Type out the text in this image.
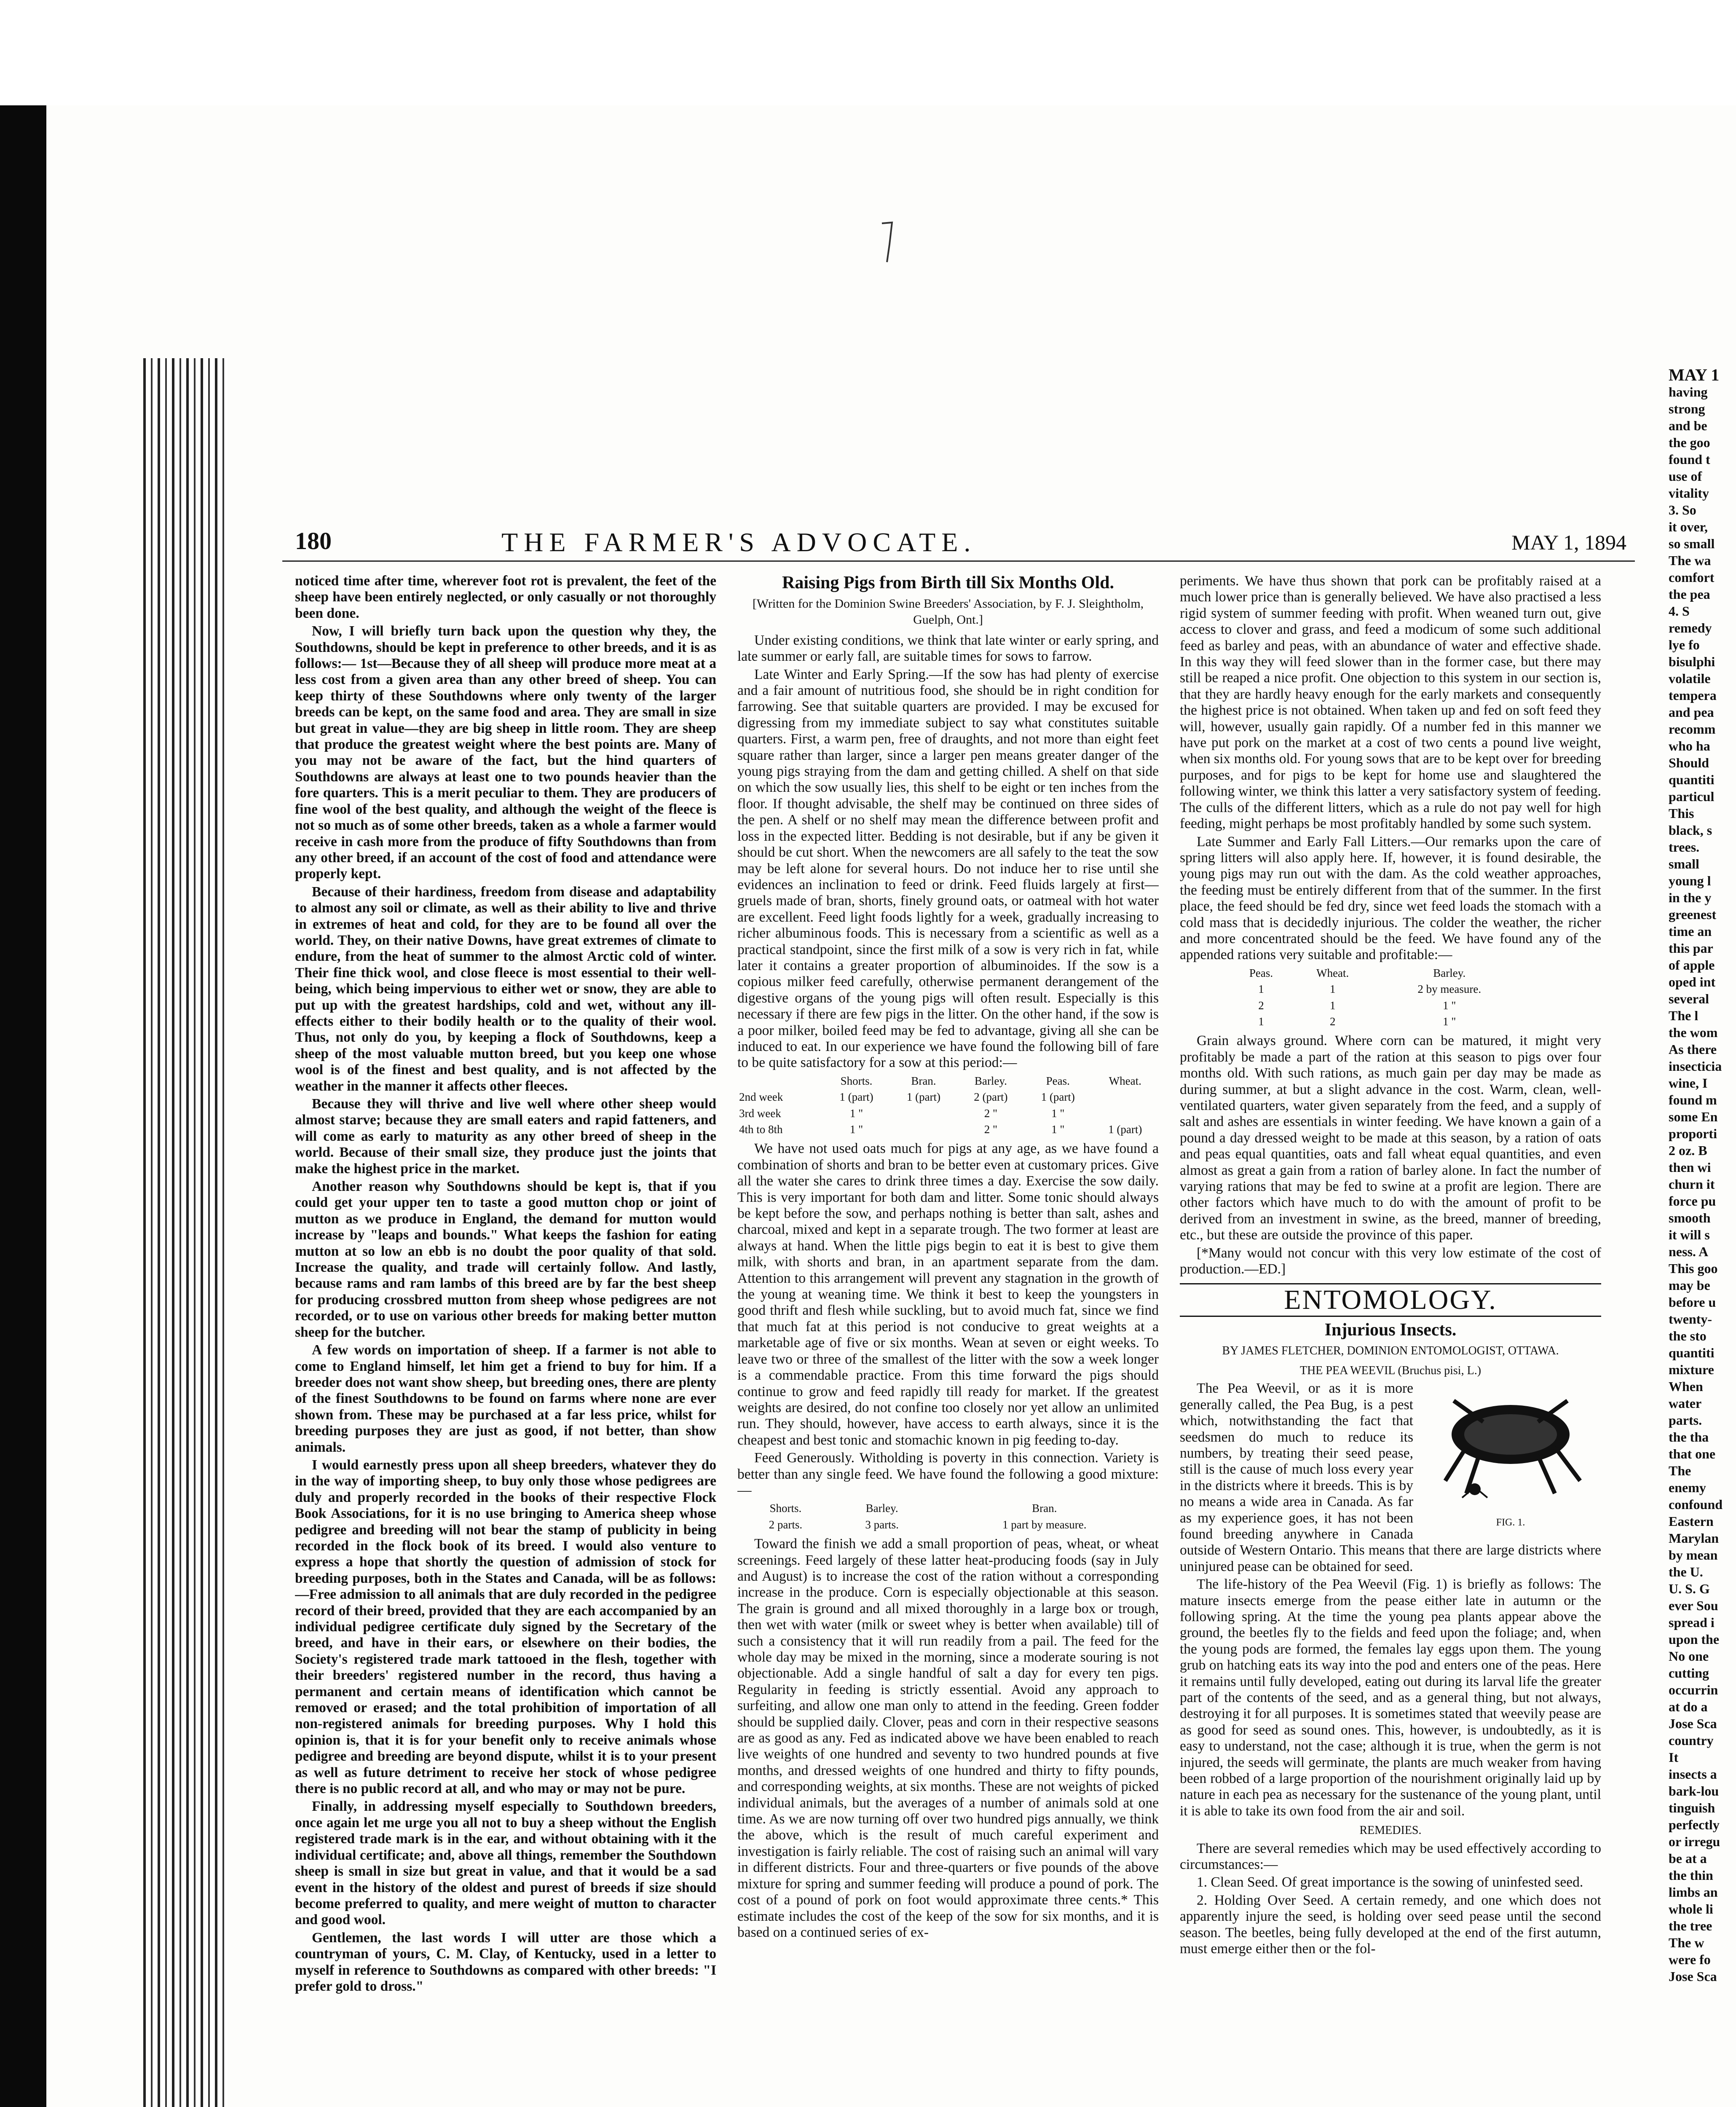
180	THE FARMER'S ADVOCATE.	MAY 1, 1894

noticed time after time, wherever foot rot is prevalent, the feet of the sheep have been entirely neglected, or only casually or not thoroughly been done.

Now, I will briefly turn back upon the question why they, the Southdowns, should be kept in preference to other breeds, and it is as follows:— 1st—Because they of all sheep will produce more meat at a less cost from a given area than any other breed of sheep. You can keep thirty of these Southdowns where only twenty of the larger breeds can be kept, on the same food and area. They are small in size but great in value—they are big sheep in little room. They are sheep that produce the greatest weight where the best points are. Many of you may not be aware of the fact, but the hind quarters of Southdowns are always at least one to two pounds heavier than the fore quarters. This is a merit peculiar to them. They are producers of fine wool of the best quality, and although the weight of the fleece is not so much as of some other breeds, taken as a whole a farmer would receive in cash more from the produce of fifty Southdowns than from any other breed, if an account of the cost of food and attendance were properly kept.

Because of their hardiness, freedom from disease and adaptability to almost any soil or climate, as well as their ability to live and thrive in extremes of heat and cold, for they are to be found all over the world. They, on their native Downs, have great extremes of climate to endure, from the heat of summer to the almost Arctic cold of winter. Their fine thick wool, and close fleece is most essential to their well-being, which being impervious to either wet or snow, they are able to put up with the greatest hardships, cold and wet, without any ill-effects either to their bodily health or to the quality of their wool. Thus, not only do you, by keeping a flock of Southdowns, keep a sheep of the most valuable mutton breed, but you keep one whose wool is of the finest and best quality, and is not affected by the weather in the manner it affects other fleeces.

Because they will thrive and live well where other sheep would almost starve; because they are small eaters and rapid fatteners, and will come as early to maturity as any other breed of sheep in the world. Because of their small size, they produce just the joints that make the highest price in the market.

Another reason why Southdowns should be kept is, that if you could get your upper ten to taste a good mutton chop or joint of mutton as we produce in England, the demand for mutton would increase by "leaps and bounds." What keeps the fashion for eating mutton at so low an ebb is no doubt the poor quality of that sold. Increase the quality, and trade will certainly follow. And lastly, because rams and ram lambs of this breed are by far the best sheep for producing crossbred mutton from sheep whose pedigrees are not recorded, or to use on various other breeds for making better mutton sheep for the butcher.

A few words on importation of sheep. If a farmer is not able to come to England himself, let him get a friend to buy for him. If a breeder does not want show sheep, but breeding ones, there are plenty of the finest Southdowns to be found on farms where none are ever shown from. These may be purchased at a far less price, whilst for breeding purposes they are just as good, if not better, than show animals.

I would earnestly press upon all sheep breeders, whatever they do in the way of importing sheep, to buy only those whose pedigrees are duly and properly recorded in the books of their respective Flock Book Associations, for it is no use bringing to America sheep whose pedigree and breeding will not bear the stamp of publicity in being recorded in the flock book of its breed. I would also venture to express a hope that shortly the question of admission of stock for breeding purposes, both in the States and Canada, will be as follows:—Free admission to all animals that are duly recorded in the pedigree record of their breed, provided that they are each accompanied by an individual pedigree certificate duly signed by the Secretary of the breed, and have in their ears, or elsewhere on their bodies, the Society's registered trade mark tattooed in the flesh, together with their breeders' registered number in the record, thus having a permanent and certain means of identification which cannot be removed or erased; and the total prohibition of importation of all non-registered animals for breeding purposes. Why I hold this opinion is, that it is for your benefit only to receive animals whose pedigree and breeding are beyond dispute, whilst it is to your present as well as future detriment to receive her stock of whose pedigree there is no public record at all, and who may or may not be pure.

Finally, in addressing myself especially to Southdown breeders, once again let me urge you all not to buy a sheep without the English registered trade mark is in the ear, and without obtaining with it the individual certificate; and, above all things, remember the Southdown sheep is small in size but great in value, and that it would be a sad event in the history of the oldest and purest of breeds if size should become preferred to quality, and mere weight of mutton to character and good wool.

Gentlemen, the last words I will utter are those which a countryman of yours, C. M. Clay, of Kentucky, used in a letter to myself in reference to Southdowns as compared with other breeds: "I prefer gold to dross."

Raising Pigs from Birth till Six Months Old.
[Written for the Dominion Swine Breeders' Association, by F. J. Sleightholm, Guelph, Ont.]

Under existing conditions, we think that late winter or early spring, and late summer or early fall, are suitable times for sows to farrow.

Late Winter and Early Spring.—If the sow has had plenty of exercise and a fair amount of nutritious food, she should be in right condition for farrowing. See that suitable quarters are provided. I may be excused for digressing from my immediate subject to say what constitutes suitable quarters. First, a warm pen, free of draughts, and not more than eight feet square rather than larger, since a larger pen means greater danger of the young pigs straying from the dam and getting chilled. A shelf on that side on which the sow usually lies, this shelf to be eight or ten inches from the floor. If thought advisable, the shelf may be continued on three sides of the pen. A shelf or no shelf may mean the difference between profit and loss in the expected litter. Bedding is not desirable, but if any be given it should be cut short. When the newcomers are all safely to the teat the sow may be left alone for several hours. Do not induce her to rise until she evidences an inclination to feed or drink. Feed fluids largely at first—gruels made of bran, shorts, finely ground oats, or oatmeal with hot water are excellent. Feed light foods lightly for a week, gradually increasing to richer albuminous foods. This is necessary from a scientific as well as a practical standpoint, since the first milk of a sow is very rich in fat, while later it contains a greater proportion of albuminoides. If the sow is a copious milker feed carefully, otherwise permanent derangement of the digestive organs of the young pigs will often result. Especially is this necessary if there are few pigs in the litter. On the other hand, if the sow is a poor milker, boiled feed may be fed to advantage, giving all she can be induced to eat. In our experience we have found the following bill of fare to be quite satisfactory for a sow at this period:—

	Shorts.	Bran.	Barley.	Peas.	Wheat.
2nd week	1 (part)	1 (part)	2 (part)	1 (part)	
3rd week	1 "		2 "	1 "	
4th to 8th	1 "		2 "	1 "	1 (part)

We have not used oats much for pigs at any age, as we have found a combination of shorts and bran to be better even at customary prices. Give all the water she cares to drink three times a day. Exercise the sow daily. This is very important for both dam and litter. Some tonic should always be kept before the sow, and perhaps nothing is better than salt, ashes and charcoal, mixed and kept in a separate trough. The two former at least are always at hand. When the little pigs begin to eat it is best to give them milk, with shorts and bran, in an apartment separate from the dam. Attention to this arrangement will prevent any stagnation in the growth of the young at weaning time. We think it best to keep the youngsters in good thrift and flesh while suckling, but to avoid much fat, since we find that much fat at this period is not conducive to great weights at a marketable age of five or six months. Wean at seven or eight weeks. To leave two or three of the smallest of the litter with the sow a week longer is a commendable practice. From this time forward the pigs should continue to grow and feed rapidly till ready for market. If the greatest weights are desired, do not confine too closely nor yet allow an unlimited run. They should, however, have access to earth always, since it is the cheapest and best tonic and stomachic known in pig feeding to-day.

Feed Generously. Witholding is poverty in this connection. Variety is better than any single feed. We have found the following a good mixture:—

Shorts.	Barley.	Bran.
2 parts.	3 parts.	1 part by measure.

Toward the finish we add a small proportion of peas, wheat, or wheat screenings. Feed largely of these latter heat-producing foods (say in July and August) is to increase the cost of the ration without a corresponding increase in the produce. Corn is especially objectionable at this season. The grain is ground and all mixed thoroughly in a large box or trough, then wet with water (milk or sweet whey is better when available) till of such a consistency that it will run readily from a pail. The feed for the whole day may be mixed in the morning, since a moderate souring is not objectionable. Add a single handful of salt a day for every ten pigs. Regularity in feeding is strictly essential. Avoid any approach to surfeiting, and allow one man only to attend in the feeding. Green fodder should be supplied daily. Clover, peas and corn in their respective seasons are as good as any. Fed as indicated above we have been enabled to reach live weights of one hundred and seventy to two hundred pounds at five months, and dressed weights of one hundred and thirty to fifty pounds, and corresponding weights, at six months. These are not weights of picked individual animals, but the averages of a number of animals sold at one time. As we are now turning off over two hundred pigs annually, we think the above, which is the result of much careful experiment and investigation is fairly reliable. The cost of raising such an animal will vary in different districts. Four and three-quarters or five pounds of the above mixture for spring and summer feeding will produce a pound of pork. The cost of a pound of pork on foot would approximate three cents.* This estimate includes the cost of the keep of the sow for six months, and it is based on a continued series of ex-

periments. We have thus shown that pork can be profitably raised at a much lower price than is generally believed. We have also practised a less rigid system of summer feeding with profit. When weaned turn out, give access to clover and grass, and feed a modicum of some such additional feed as barley and peas, with an abundance of water and effective shade. In this way they will feed slower than in the former case, but there may still be reaped a nice profit. One objection to this system in our section is, that they are hardly heavy enough for the early markets and consequently the highest price is not obtained. When taken up and fed on soft feed they will, however, usually gain rapidly. Of a number fed in this manner we have put pork on the market at a cost of two cents a pound live weight, when six months old. For young sows that are to be kept over for breeding purposes, and for pigs to be kept for home use and slaughtered the following winter, we think this latter a very satisfactory system of feeding. The culls of the different litters, which as a rule do not pay well for high feeding, might perhaps be most profitably handled by some such system.

Late Summer and Early Fall Litters.—Our remarks upon the care of spring litters will also apply here. If, however, it is found desirable, the young pigs may run out with the dam. As the cold weather approaches, the feeding must be entirely different from that of the summer. In the first place, the feed should be fed dry, since wet feed loads the stomach with a cold mass that is decidedly injurious. The colder the weather, the richer and more concentrated should be the feed. We have found any of the appended rations very suitable and profitable:—

Peas.	Wheat.	Barley.
1	1	2 by measure.
2	1	1 "
1	2	1 "

Grain always ground. Where corn can be matured, it might very profitably be made a part of the ration at this season to pigs over four months old. With such rations, as much gain per day may be made as during summer, at but a slight advance in the cost. Warm, clean, well-ventilated quarters, water given separately from the feed, and a supply of salt and ashes are essentials in winter feeding. We have known a gain of a pound a day dressed weight to be made at this season, by a ration of oats and peas equal quantities, oats and fall wheat equal quantities, and even almost as great a gain from a ration of barley alone. In fact the number of varying rations that may be fed to swine at a profit are legion. There are other factors which have much to do with the amount of profit to be derived from an investment in swine, as the breed, manner of breeding, etc., but these are outside the province of this paper.

[*Many would not concur with this very low estimate of the cost of production.—ED.]

ENTOMOLOGY.
Injurious Insects.
BY JAMES FLETCHER, DOMINION ENTOMOLOGIST, OTTAWA.
THE PEA WEEVIL (Bruchus pisi, L.)
FIG. 1.

The Pea Weevil, or as it is more generally called, the Pea Bug, is a pest which, notwithstanding the fact that seedsmen do much to reduce its numbers, by treating their seed pease, still is the cause of much loss every year in the districts where it breeds. This is by no means a wide area in Canada. As far as my experience goes, it has not been found breeding anywhere in Canada outside of Western Ontario. This means that there are large districts where uninjured pease can be obtained for seed.

The life-history of the Pea Weevil (Fig. 1) is briefly as follows: The mature insects emerge from the pease either late in autumn or the following spring. At the time the young pea plants appear above the ground, the beetles fly to the fields and feed upon the foliage; and, when the young pods are formed, the females lay eggs upon them. The young grub on hatching eats its way into the pod and enters one of the peas. Here it remains until fully developed, eating out during its larval life the greater part of the contents of the seed, and as a general thing, but not always, destroying it for all purposes. It is sometimes stated that weevily pease are as good for seed as sound ones. This, however, is undoubtedly, as it is easy to understand, not the case; although it is true, when the germ is not injured, the seeds will germinate, the plants are much weaker from having been robbed of a large proportion of the nourishment originally laid up by nature in each pea as necessary for the sustenance of the young plant, until it is able to take its own food from the air and soil.

REMEDIES.

There are several remedies which may be used effectively according to circumstances:—

1. Clean Seed. Of great importance is the sowing of uninfested seed.

2. Holding Over Seed. A certain remedy, and one which does not apparently injure the seed, is holding over seed pease until the second season. The beetles, being fully developed at the end of the first autumn, must emerge either then or the fol-

MAY 1
having
strong
and be
the goo
found t
use of
vitality
3. So
it over,
so small
The wa
comfort
the pea
4. S
remedy
lye fo
bisulphi
volatile
tempera
and pea
recomm
who ha
Should
quantiti
particul
This
black, s
trees.
small
young l
in the y
greenest
time an
this par
of apple
oped int
several
The l
the wom
As there
insecticia
wine, I
found m
some En
proporti
2 oz. B
then wi
churn it
force pu
smooth
it will s
ness. A
This goo
may be
before u
twenty-
the sto
quantiti
mixture
When
water
parts.
the tha
that one
The
enemy
confound
Eastern
Marylan
by mean
the U.
U. S. G
ever Sou
spread i
upon the
No one
cutting
occurrin
at do a
Jose Sca
country
It
insects a
bark-lou
tinguish
perfectly
or irregu
be at a
the thin
limbs an
whole li
the tree
The w
were fo
Jose Sca
